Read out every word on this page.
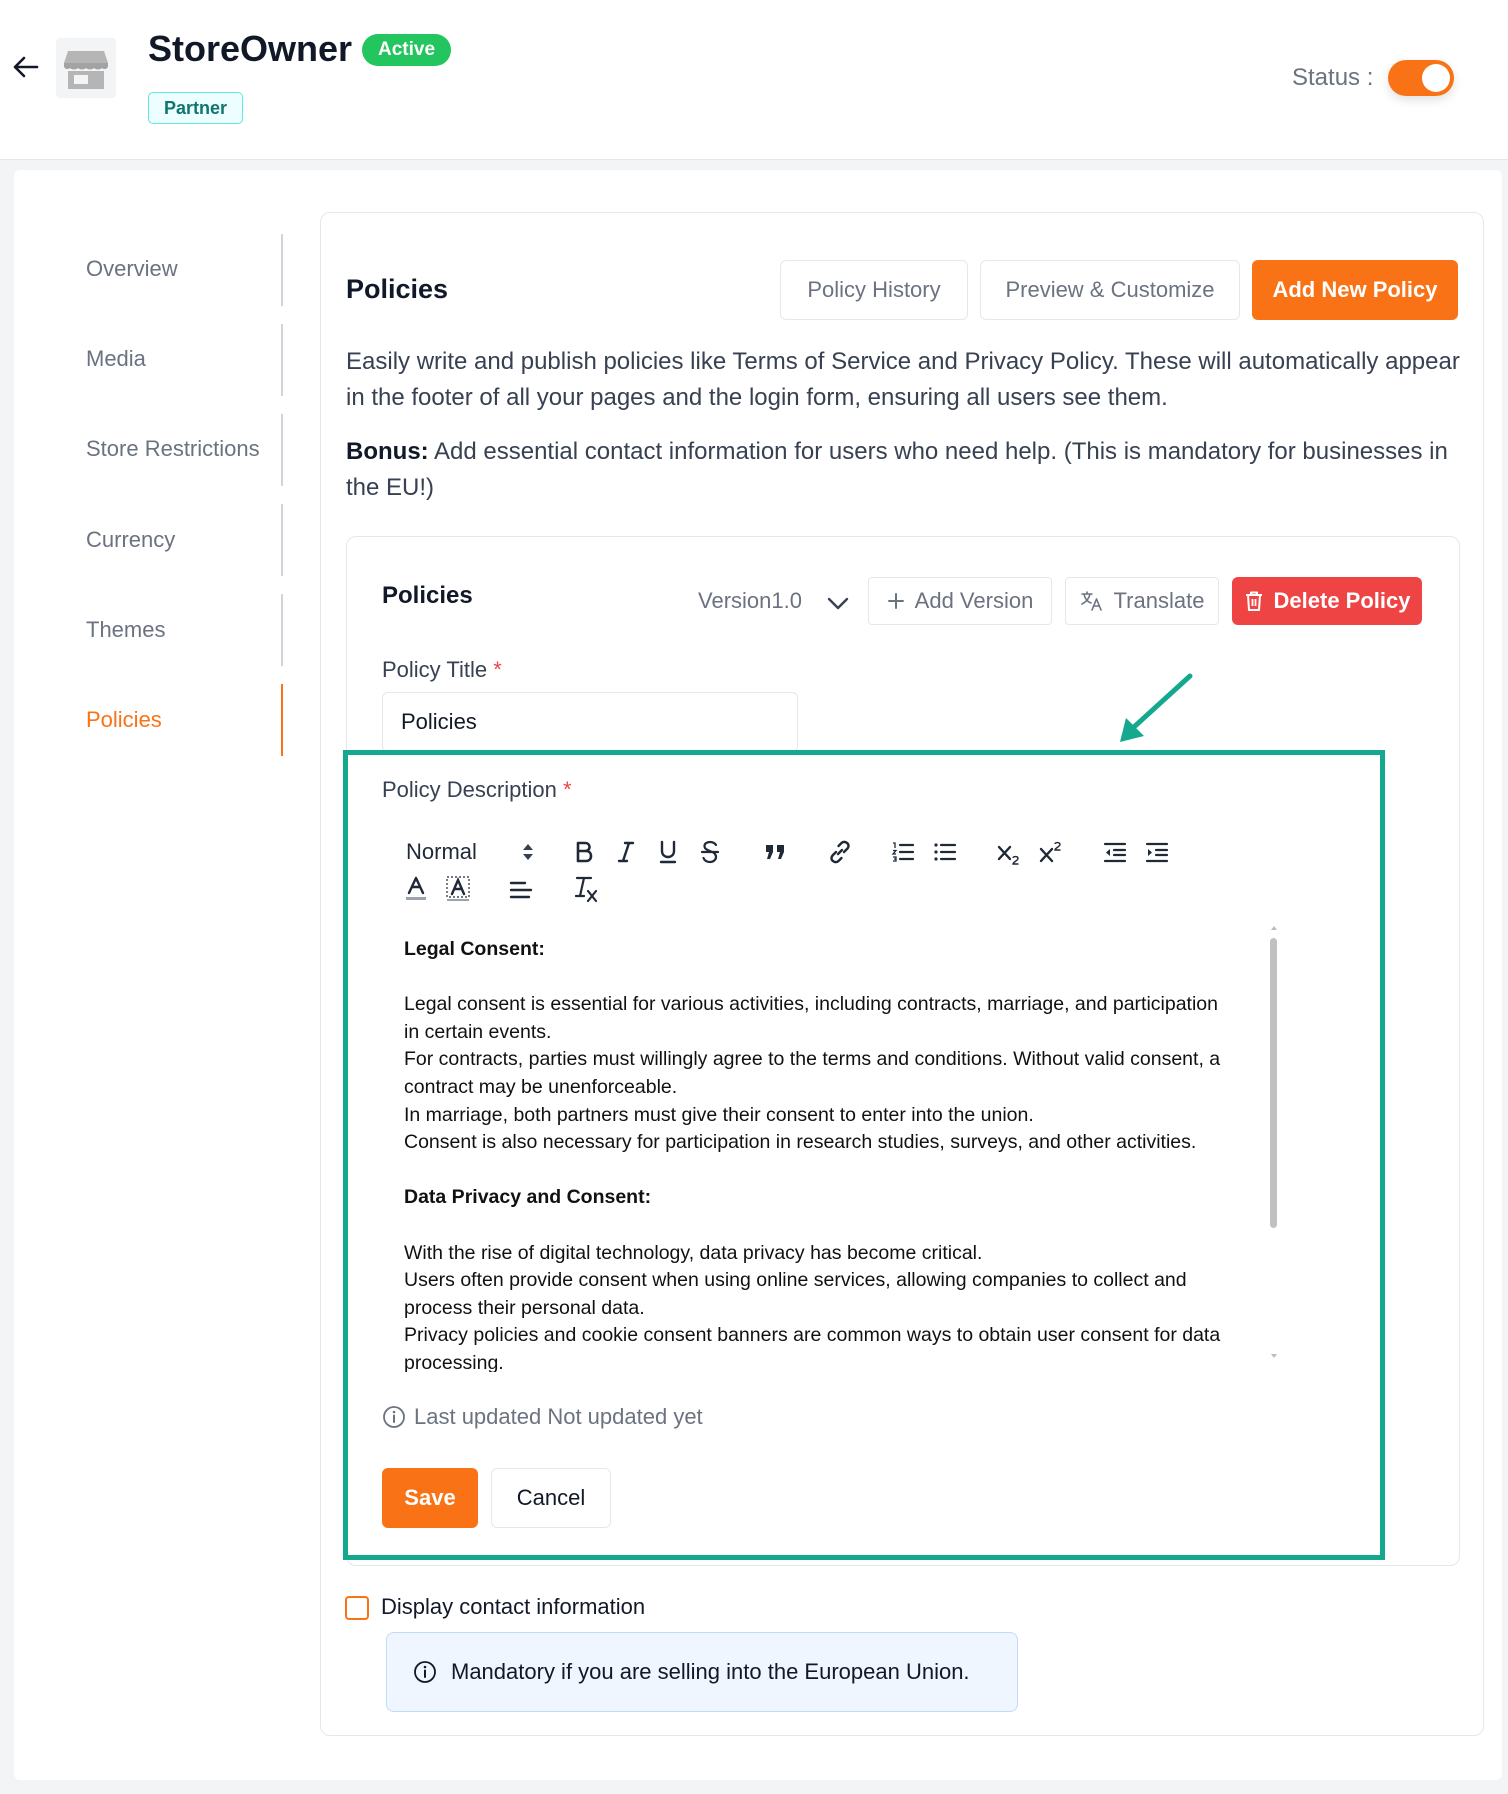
StoreOwner	Active
Partner
Status :
Overview
Media
Store Restrictions
Currency
Themes
Policies
Policies	Policy History	Preview & Customize	Add New Policy
Easily write and publish policies like Terms of Service and Privacy Policy. These will automatically appear in the footer of all your pages and the login form, ensuring all users see them.
Bonus: Add essential contact information for users who need help. (This is mandatory for businesses in the EU!)
Policies	Version1.0	Add Version	Translate	Delete Policy
Policy Title *
Policies
Policy Description *
Normal

Legal Consent:

Legal consent is essential for various activities, including contracts, marriage, and participation in certain events.

For contracts, parties must willingly agree to the terms and conditions. Without valid consent, a contract may be unenforceable.

In marriage, both partners must give their consent to enter into the union.

Consent is also necessary for participation in research studies, surveys, and other activities.

Data Privacy and Consent:

With the rise of digital technology, data privacy has become critical.

Users often provide consent when using online services, allowing companies to collect and process their personal data.

Privacy policies and cookie consent banners are common ways to obtain user consent for data processing.

Last updated Not updated yet
Save	Cancel
Display contact information
Mandatory if you are selling into the European Union.
